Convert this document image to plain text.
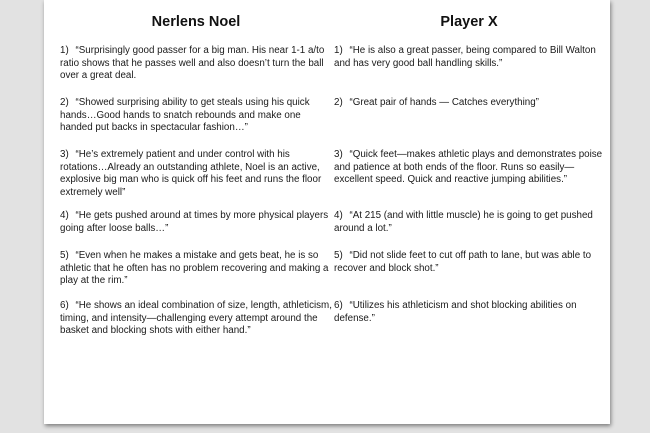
Nerlens Noel
1) “Surprisingly good passer for a big man. His near 1-1 a/to ratio shows that he passes well and also doesn’t turn the ball over a great deal.
2) “Showed surprising ability to get steals using his quick hands…Good hands to snatch rebounds and make one handed put backs in spectacular fashion…”
3) “He’s extremely patient and under control with his rotations…Already an outstanding athlete, Noel is an active, explosive big man who is quick off his feet and runs the floor extremely well”
4) “He gets pushed around at times by more physical players going after loose balls…”
5) “Even when he makes a mistake and gets beat, he is so athletic that he often has no problem recovering and making a play at the rim.”
6) “He shows an ideal combination of size, length, athleticism, timing, and intensity—challenging every attempt around the basket and blocking shots with either hand.”
Player X
1) “He is also a great passer, being compared to Bill Walton and has very good ball handling skills.”
2) “Great pair of hands — Catches everything”
3) “Quick feet—makes athletic plays and demonstrates poise and patience at both ends of the floor. Runs so easily—excellent speed. Quick and reactive jumping abilities.”
4) “At 215 (and with little muscle) he is going to get pushed around a lot.”
5) “Did not slide feet to cut off path to lane, but was able to recover and block shot.”
6) “Utilizes his athleticism and shot blocking abilities on defense.”
